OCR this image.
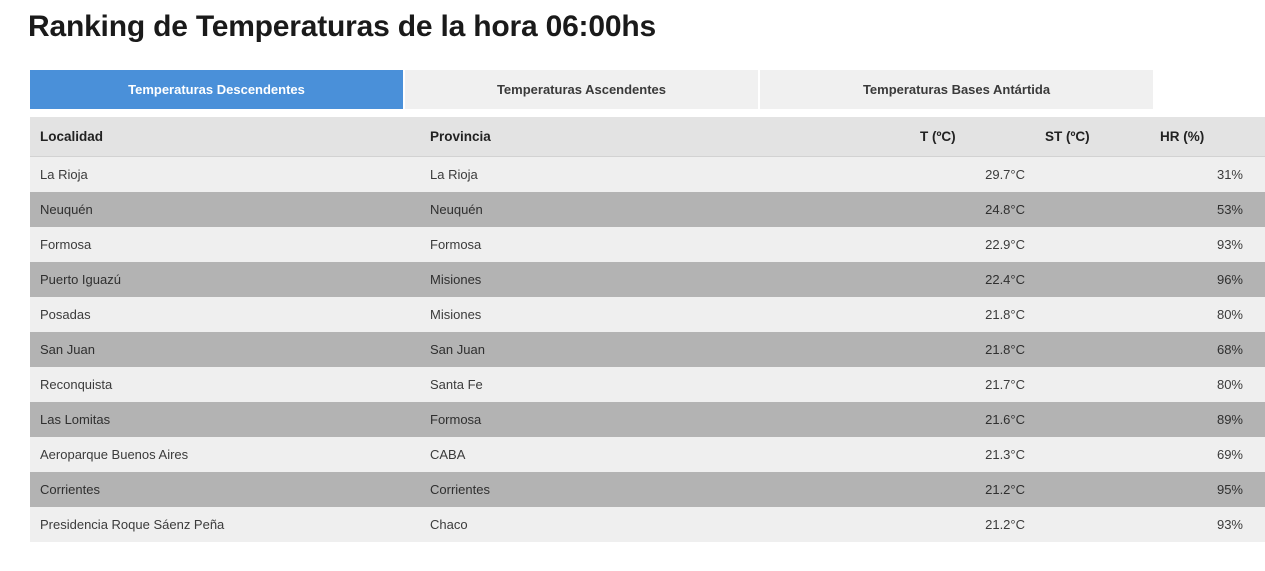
Ranking de Temperaturas de la hora 06:00hs
Temperaturas Descendentes	Temperaturas Ascendentes	Temperaturas Bases Antártida
Localidad	Provincia	T (ºC)	ST (ºC)	HR (%)
La Rioja	La Rioja	29.7°C		31%
Neuquén	Neuquén	24.8°C		53%
Formosa	Formosa	22.9°C		93%
Puerto Iguazú	Misiones	22.4°C		96%
Posadas	Misiones	21.8°C		80%
San Juan	San Juan	21.8°C		68%
Reconquista	Santa Fe	21.7°C		80%
Las Lomitas	Formosa	21.6°C		89%
Aeroparque Buenos Aires	CABA	21.3°C		69%
Corrientes	Corrientes	21.2°C		95%
Presidencia Roque Sáenz Peña	Chaco	21.2°C		93%
